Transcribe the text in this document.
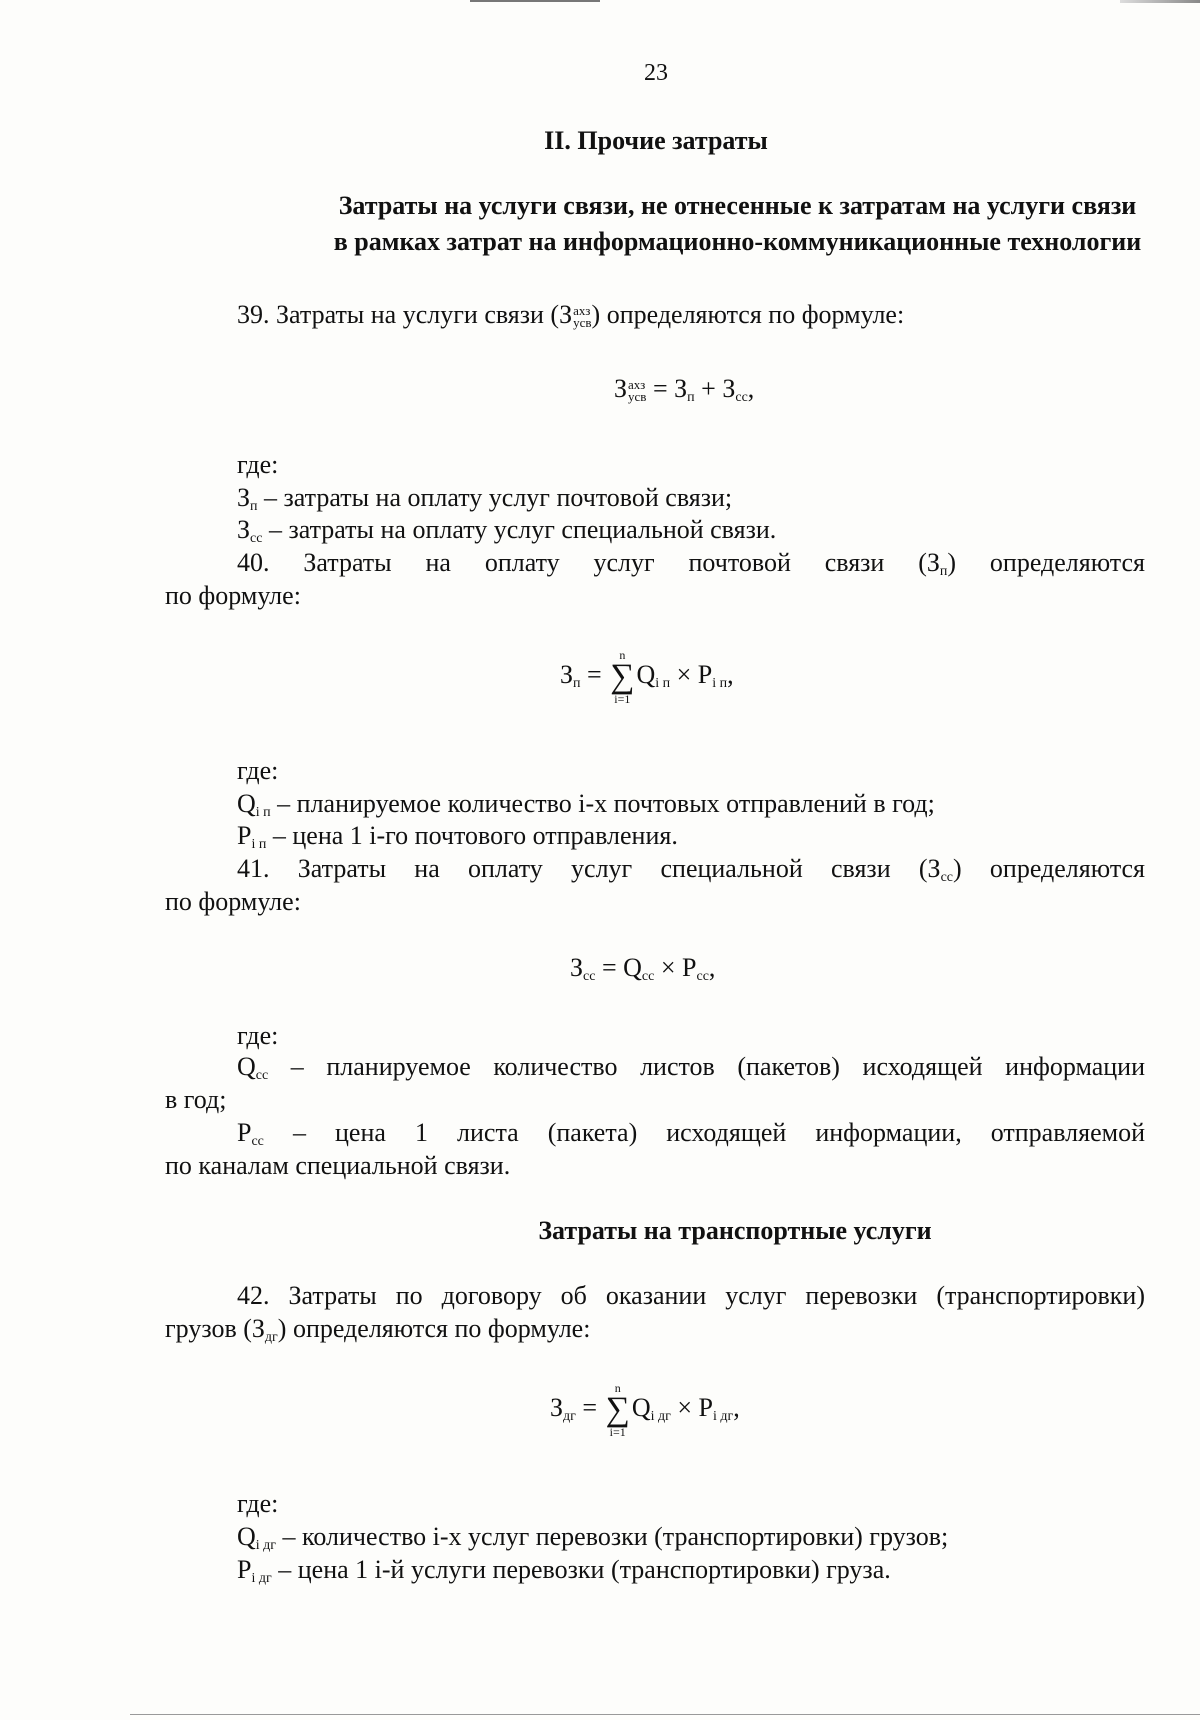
23
II. Прочие затраты
Затраты на услуги связи, не отнесенные к затратам на услуги связи
в рамках затрат на информационно-коммуникационные технологии
39. Затраты на услуги связи (З ахз
усв ) определяются по формуле:
З ахз
усв = $З_п + З_{сс}$,
где:
$З_п$ – затраты на оплату услуг почтовой связи;
$З_{сс}$ – затраты на оплату услуг специальной связи.
40. Затраты на оплату услуг почтовой связи $(З_п)$ определяются
по формуле:
$З_п$ =
n
∑
i=1
$Q_{i п} \times P_{i п}$,
где:
$Q_{i п}$ – планируемое количество i-х почтовых отправлений в год;
$P_{i п}$ – цена 1 i-го почтового отправления.
41. Затраты на оплату услуг специальной связи $(З_{сс})$ определяются
по формуле:
$З_{сс} = Q_{сс} \times P_{сс}$,
где:
$Q_{сс}$ – планируемое количество листов (пакетов) исходящей информации
в год;
$P_{сс}$ – цена 1 листа (пакета) исходящей информации, отправляемой
по каналам специальной связи.
Затраты на транспортные услуги
42. Затраты по договору об оказании услуг перевозки (транспортировки)
грузов $(З_{дг})$ определяются по формуле:
$З_{дг}$ =
n
∑
i=1
$Q_{i дг} \times P_{i дг}$,
где:
$Q_{i дг}$ – количество i-х услуг перевозки (транспортировки) грузов;
$P_{i дг}$ – цена 1 i-й услуги перевозки (транспортировки) груза.
